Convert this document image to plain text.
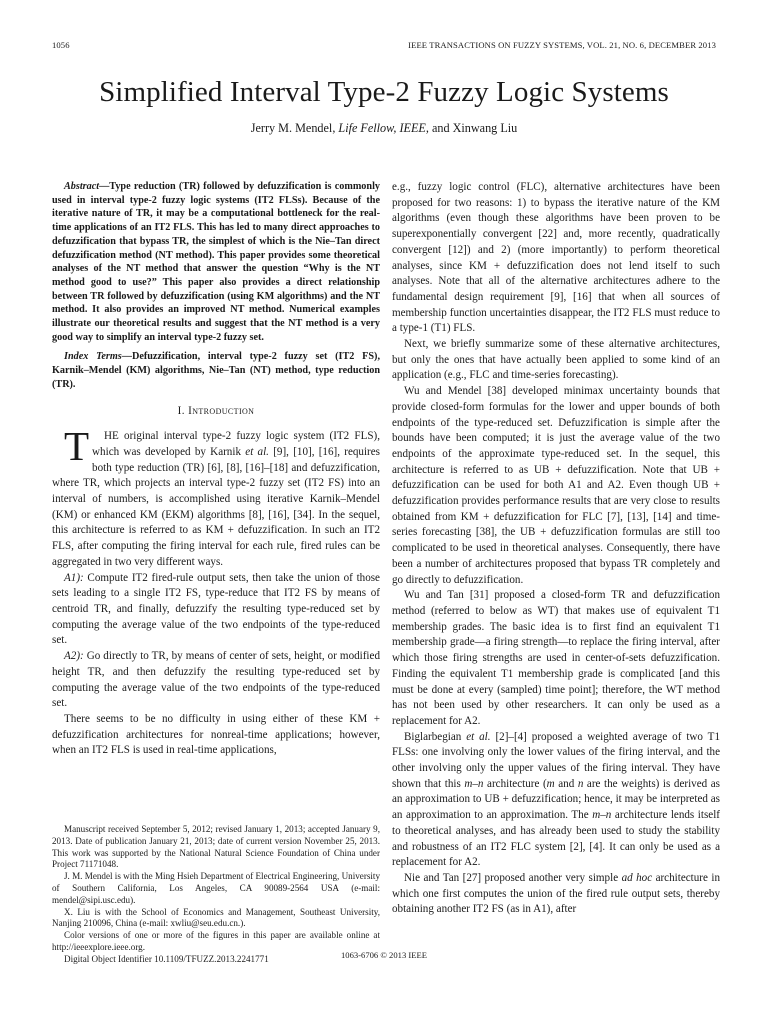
1056	IEEE TRANSACTIONS ON FUZZY SYSTEMS, VOL. 21, NO. 6, DECEMBER 2013
Simplified Interval Type-2 Fuzzy Logic Systems
Jerry M. Mendel, Life Fellow, IEEE, and Xinwang Liu

Abstract—Type reduction (TR) followed by defuzzification is commonly used in interval type-2 fuzzy logic systems (IT2 FLSs). Because of the iterative nature of TR, it may be a computational bottleneck for the real-time applications of an IT2 FLS. This has led to many direct approaches to defuzzification that bypass TR, the simplest of which is the Nie–Tan direct defuzzification method (NT method). This paper provides some theoretical analyses of the NT method that answer the question “Why is the NT method good to use?” This paper also provides a direct relationship between TR followed by defuzzification (using KM algorithms) and the NT method. It also provides an improved NT method. Numerical examples illustrate our theoretical results and suggest that the NT method is a very good way to simplify an interval type-2 fuzzy set.

Index Terms—Defuzzification, interval type-2 fuzzy set (IT2 FS), Karnik–Mendel (KM) algorithms, Nie–Tan (NT) method, type reduction (TR).

I. Introduction

T HE original interval type-2 fuzzy logic system (IT2 FLS), which was developed by Karnik et al. [9], [10], [16], requires both type reduction (TR) [6], [8], [16]–[18] and defuzzification, where TR, which projects an interval type-2 fuzzy set (IT2 FS) into an interval of numbers, is accomplished using iterative Karnik–Mendel (KM) or enhanced KM (EKM) algorithms [8], [16], [34]. In the sequel, this architecture is referred to as KM + defuzzification. In such an IT2 FLS, after computing the firing interval for each rule, fired rules can be aggregated in two very different ways.

A1): Compute IT2 fired-rule output sets, then take the union of those sets leading to a single IT2 FS, type-reduce that IT2 FS by means of centroid TR, and finally, defuzzify the resulting type-reduced set by computing the average value of the two endpoints of the type-reduced set.

A2): Go directly to TR, by means of center of sets, height, or modified height TR, and then defuzzify the resulting type-reduced set by computing the average value of the two endpoints of the type-reduced set.

There seems to be no difficulty in using either of these KM + defuzzification architectures for nonreal-time applications; however, when an IT2 FLS is used in real-time applications,

Manuscript received September 5, 2012; revised January 1, 2013; accepted January 9, 2013. Date of publication January 21, 2013; date of current version November 25, 2013. This work was supported by the National Natural Science Foundation of China under Project 71171048.

J. M. Mendel is with the Ming Hsieh Department of Electrical Engineering, University of Southern California, Los Angeles, CA 90089-2564 USA (e-mail: mendel@sipi.usc.edu).

X. Liu is with the School of Economics and Management, Southeast University, Nanjing 210096, China (e-mail: xwliu@seu.edu.cn.).

Color versions of one or more of the figures in this paper are available online at http://ieeexplore.ieee.org.

Digital Object Identifier 10.1109/TFUZZ.2013.2241771

e.g., fuzzy logic control (FLC), alternative architectures have been proposed for two reasons: 1) to bypass the iterative nature of the KM algorithms (even though these algorithms have been proven to be superexponentially convergent [22] and, more recently, quadratically convergent [12]) and 2) (more importantly) to perform theoretical analyses, since KM + defuzzification does not lend itself to such analyses. Note that all of the alternative architectures adhere to the fundamental design requirement [9], [16] that when all sources of membership function uncertainties disappear, the IT2 FLS must reduce to a type-1 (T1) FLS.

Next, we briefly summarize some of these alternative architectures, but only the ones that have actually been applied to some kind of an application (e.g., FLC and time-series forecasting).

Wu and Mendel [38] developed minimax uncertainty bounds that provide closed-form formulas for the lower and upper bounds of both endpoints of the type-reduced set. Defuzzification is simple after the bounds have been computed; it is just the average value of the two endpoints of the approximate type-reduced set. In the sequel, this architecture is referred to as UB + defuzzification. Note that UB + defuzzification can be used for both A1 and A2. Even though UB + defuzzification provides performance results that are very close to results obtained from KM + defuzzification for FLC [7], [13], [14] and time-series forecasting [38], the UB + defuzzification formulas are still too complicated to be used in theoretical analyses. Consequently, there have been a number of architectures proposed that bypass TR completely and go directly to defuzzification.

Wu and Tan [31] proposed a closed-form TR and defuzzification method (referred to below as WT) that makes use of equivalent T1 membership grades. The basic idea is to first find an equivalent T1 membership grade—a firing strength—to replace the firing interval, after which those firing strengths are used in center-of-sets defuzzification. Finding the equivalent T1 membership grade is complicated [and this must be done at every (sampled) time point]; therefore, the WT method has not been used by other researchers. It can only be used as a replacement for A2.

Biglarbegian et al. [2]–[4] proposed a weighted average of two T1 FLSs: one involving only the lower values of the firing interval, and the other involving only the upper values of the firing interval. They have shown that this m–n architecture (m and n are the weights) is derived as an approximation to UB + defuzzification; hence, it may be interpreted as an approximation to an approximation. The m–n architecture lends itself to theoretical analyses, and has already been used to study the stability and robustness of an IT2 FLC system [2], [4]. It can only be used as a replacement for A2.

Nie and Tan [27] proposed another very simple ad hoc architecture in which one first computes the union of the fired rule output sets, thereby obtaining another IT2 FS (as in A1), after

1063-6706 © 2013 IEEE
